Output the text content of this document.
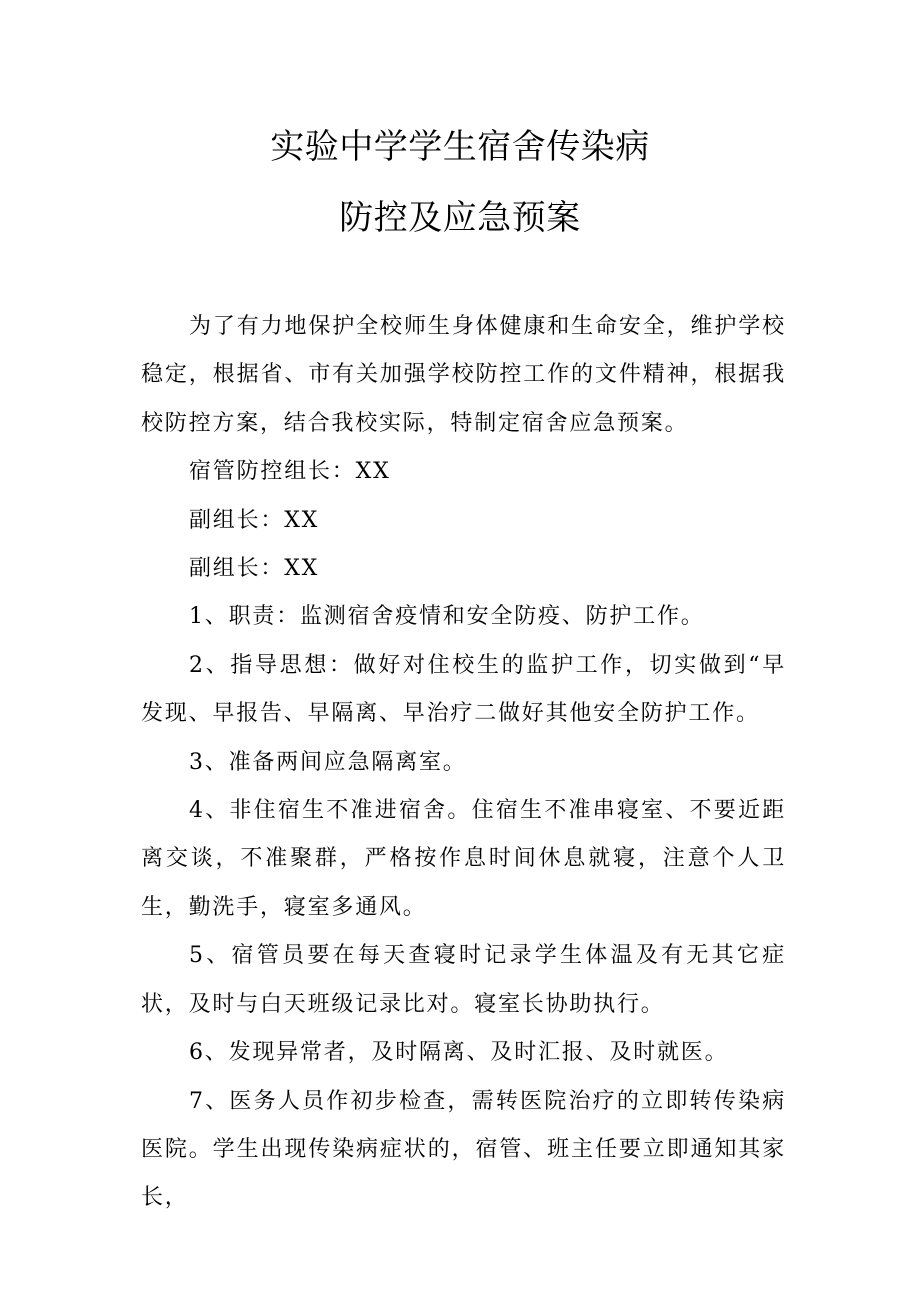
实验中学学生宿舍传染病
防控及应急预案

为了有力地保护全校师生身体健康和生命安全，维护学校稳定，根据省、市有关加强学校防控工作的文件精神，根据我校防控方案，结合我校实际，特制定宿舍应急预案。

宿管防控组长：XX

副组长：XX

副组长：XX

1、职责：监测宿舍疫情和安全防疫、防护工作。

2、指导思想：做好对住校生的监护工作，切实做到“早发现、早报告、早隔离、早治疗二做好其他安全防护工作。

3、准备两间应急隔离室。

4、非住宿生不准进宿舍。住宿生不准串寝室、不要近距离交谈，不准聚群，严格按作息时间休息就寝，注意个人卫生，勤洗手，寝室多通风。

5、宿管员要在每天查寝时记录学生体温及有无其它症状，及时与白天班级记录比对。寝室长协助执行。

6、发现异常者，及时隔离、及时汇报、及时就医。

7、医务人员作初步检查，需转医院治疗的立即转传染病医院。学生出现传染病症状的，宿管、班主任要立即通知其家长，
